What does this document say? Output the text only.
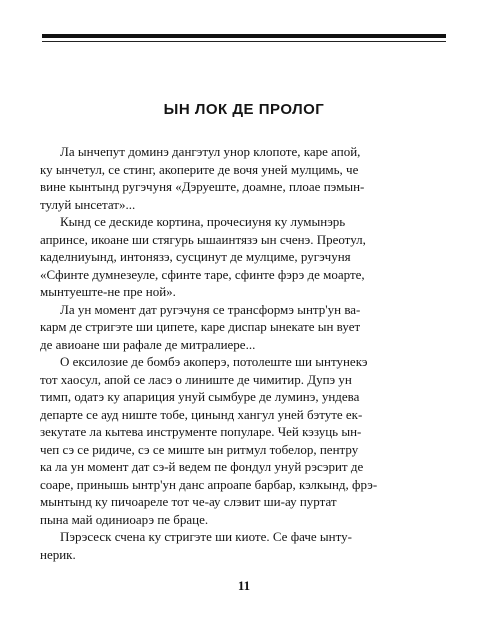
ЫН ЛОК ДЕ ПРОЛОГ
Ла ынчепут доминэ дангэтул унор клопоте, каре апой,
ку ынчетул, се стинг, акоперите де вочя уней мулцимь, че
вине кынтынд ругэчуня «Дэруеште, доамне, плоае пэмын-
тулуй ынсетат»...
Кынд се дескиде кортина, прочесиуня ку лумынэрь
апринсе, икоане ши стягурь ышаинтязэ ын сченэ. Преотул,
каделниуынд, интонязэ, сусцинут де мулциме, ругэчуня
«Сфинте думнезеуле, сфинте таре, сфинте фэрэ де моарте,
мынтуеште-не пре ной».
Ла ун момент дат ругэчуня се трансформэ ынтр'ун ва-
карм де стригэте ши ципете, каре диспар ынекате ын вует
де авиоане ши рафале де митралиере...
О ексилозие де бомбэ акоперэ, потолеште ши ынтунекэ
тот хаосул, апой се ласэ о линиште де чимитир. Дупэ ун
тимп, одатэ ку апариция унуй сымбуре де луминэ, ундева
департе се ауд ниште тобе, цинынд хангул уней бэтуте ек-
зекутате ла кытева инструменте популаре. Чей кэзуць ын-
чеп сэ се ридиче, сэ се миште ын ритмул тобелор, пентру
ка ла ун момент дат сэ-й ведем пе фондул унуй рэсэрит де
соаре, принышь ынтр'ун данс апроапе барбар, кэлкынд, фрэ-
мынтынд ку пичоареле тот че-ау слэвит ши-ау пуртат
пына май одиниоарэ пе браце.
Пэрэсеск сченa ку стригэте ши киоте. Се фаче ынту-
нерик.
11
